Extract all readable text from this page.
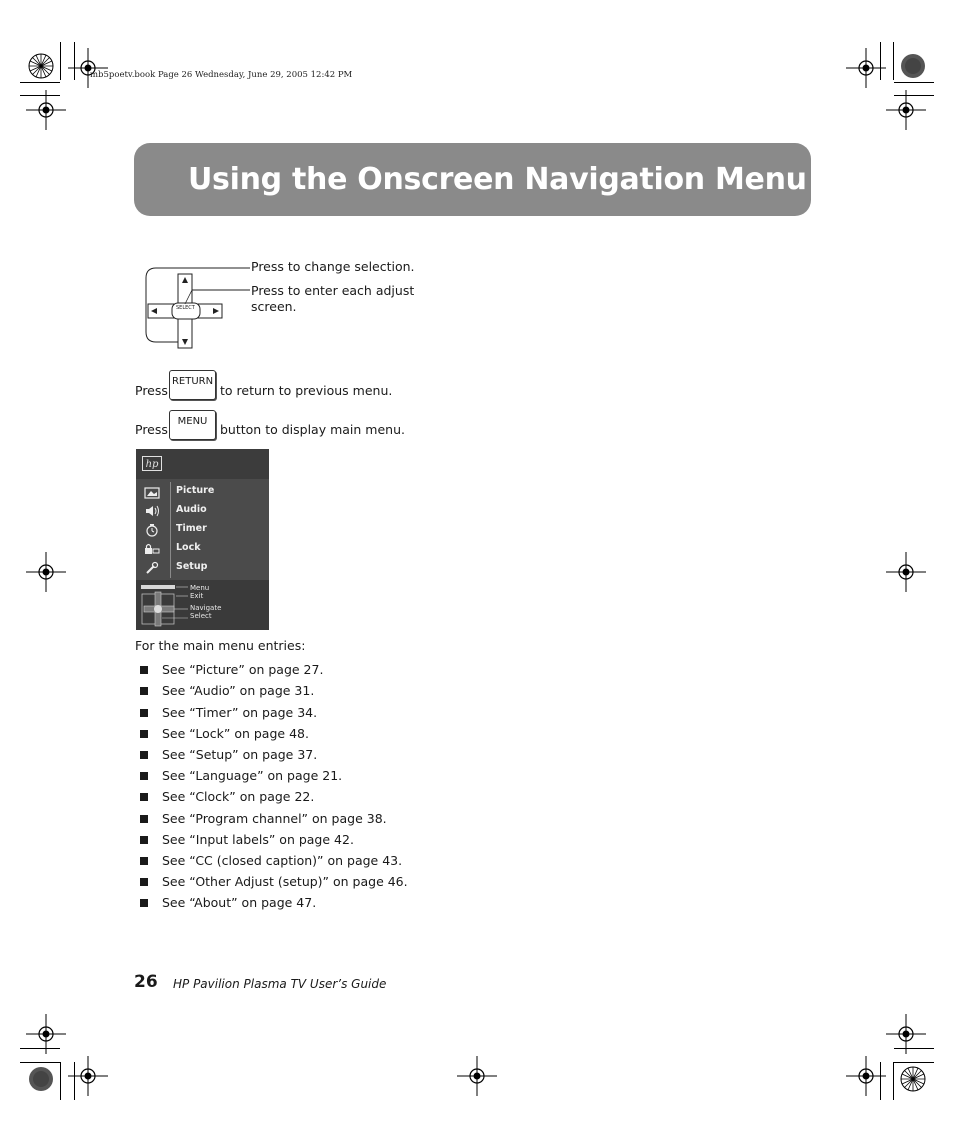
mb5poetv.book Page 26 Wednesday, June 29, 2005 12:42 PM
Using the Onscreen Navigation Menu
SELECT
Press to change selection.
Press to enter each adjust
screen.
Press
RETURN
to return to previous menu.
Press
MENU
button to display main menu.
hp
Picture
Audio
Timer
Lock
Setup
Menu
Exit
Navigate
Select
For the main menu entries:
See “Picture” on page 27.
See “Audio” on page 31.
See “Timer” on page 34.
See “Lock” on page 48.
See “Setup” on page 37.
See “Language” on page 21.
See “Clock” on page 22.
See “Program channel” on page 38.
See “Input labels” on page 42.
See “CC (closed caption)” on page 43.
See “Other Adjust (setup)” on page 46.
See “About” on page 47.
26 HP Pavilion Plasma TV User’s Guide
